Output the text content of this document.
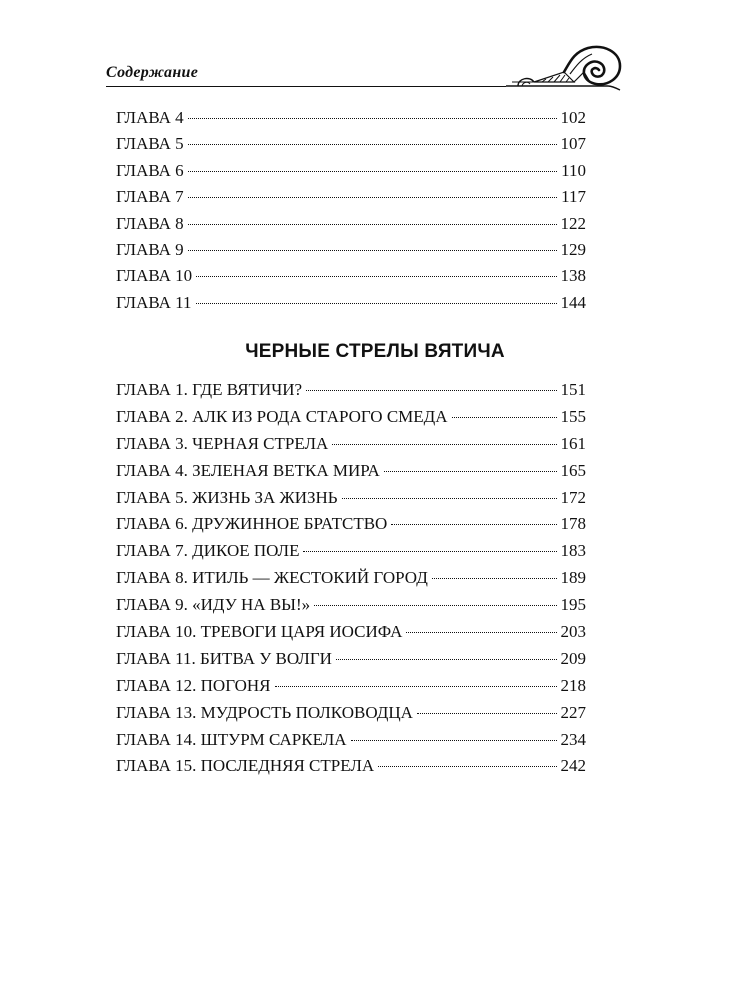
Содержание
ГЛАВА 4	102
ГЛАВА 5	107
ГЛАВА 6	110
ГЛАВА 7	117
ГЛАВА 8	122
ГЛАВА 9	129
ГЛАВА 10	138
ГЛАВА 11	144
ЧЕРНЫЕ СТРЕЛЫ ВЯТИЧА
ГЛАВА 1. ГДЕ ВЯТИЧИ?	151
ГЛАВА 2. АЛК ИЗ РОДА СТАРОГО СМЕДА	155
ГЛАВА 3. ЧЕРНАЯ СТРЕЛА	161
ГЛАВА 4. ЗЕЛЕНАЯ ВЕТКА МИРА	165
ГЛАВА 5. ЖИЗНЬ ЗА ЖИЗНЬ	172
ГЛАВА 6. ДРУЖИННОЕ БРАТСТВО	178
ГЛАВА 7. ДИКОЕ ПОЛЕ	183
ГЛАВА 8. ИТИЛЬ — ЖЕСТОКИЙ ГОРОД	189
ГЛАВА 9. «ИДУ НА ВЫ!»	195
ГЛАВА 10. ТРЕВОГИ ЦАРЯ ИОСИФА	203
ГЛАВА 11. БИТВА У ВОЛГИ	209
ГЛАВА 12. ПОГОНЯ	218
ГЛАВА 13. МУДРОСТЬ ПОЛКОВОДЦА	227
ГЛАВА 14. ШТУРМ САРКЕЛА	234
ГЛАВА 15. ПОСЛЕДНЯЯ СТРЕЛА	242
